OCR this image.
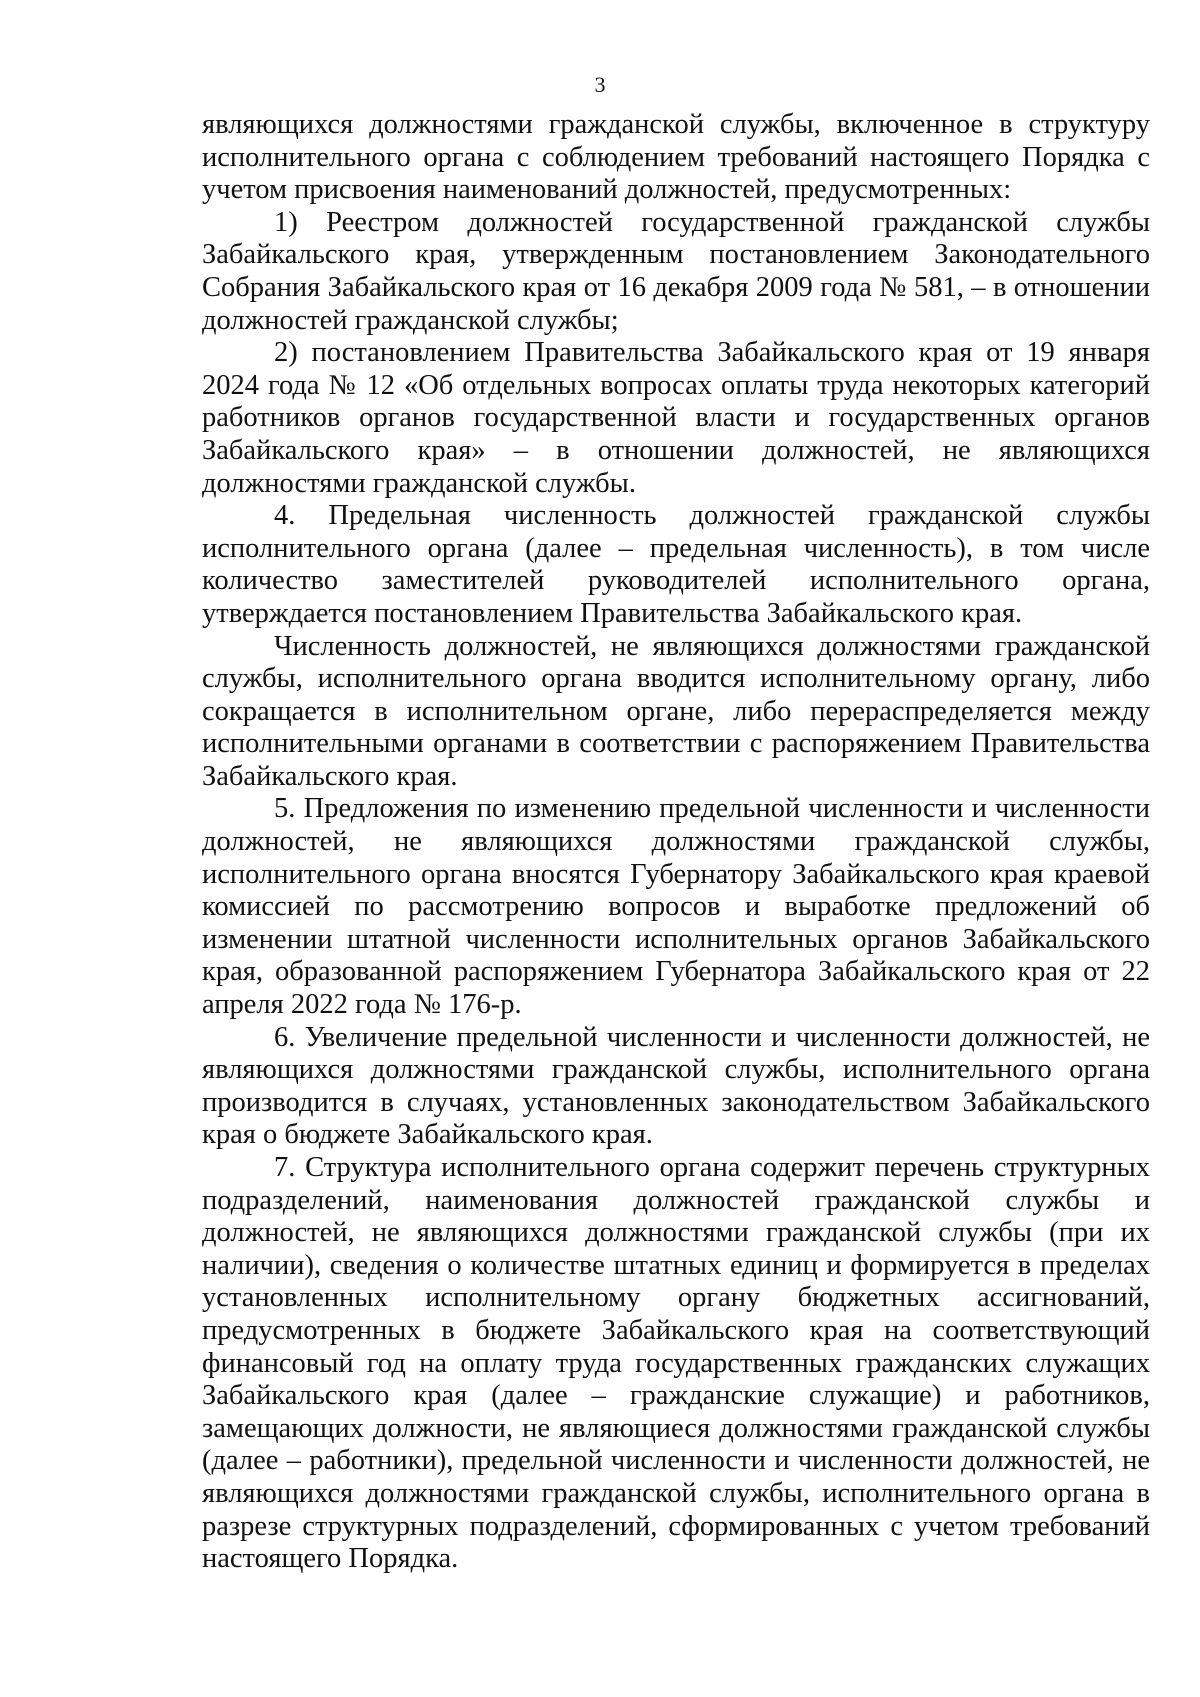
3

являющихся должностями гражданской службы, включенное в структуру исполнительного органа с соблюдением требований настоящего Порядка с учетом присвоения наименований должностей, предусмотренных:

1) Реестром должностей государственной гражданской службы Забайкальского края, утвержденным постановлением Законодательного Собрания Забайкальского края от 16 декабря 2009 года № 581, – в отношении должностей гражданской службы;

2) постановлением Правительства Забайкальского края от 19 января 2024 года № 12 «Об отдельных вопросах оплаты труда некоторых категорий работников органов государственной власти и государственных органов Забайкальского края» – в отношении должностей, не являющихся должностями гражданской службы.

4. Предельная численность должностей гражданской службы исполнительного органа (далее – предельная численность), в том числе количество заместителей руководителей исполнительного органа, утверждается постановлением Правительства Забайкальского края.

Численность должностей, не являющихся должностями гражданской службы, исполнительного органа вводится исполнительному органу, либо сокращается в исполнительном органе, либо перераспределяется между исполнительными органами в соответствии с распоряжением Правительства Забайкальского края.

5. Предложения по изменению предельной численности и численности должностей, не являющихся должностями гражданской службы, исполнительного органа вносятся Губернатору Забайкальского края краевой комиссией по рассмотрению вопросов и выработке предложений об изменении штатной численности исполнительных органов Забайкальского края, образованной распоряжением Губернатора Забайкальского края от 22 апреля 2022 года № 176-р.

6. Увеличение предельной численности и численности должностей, не являющихся должностями гражданской службы, исполнительного органа производится в случаях, установленных законодательством Забайкальского края о бюджете Забайкальского края.

7. Структура исполнительного органа содержит перечень структурных подразделений, наименования должностей гражданской службы и должностей, не являющихся должностями гражданской службы (при их наличии), сведения о количестве штатных единиц и формируется в пределах установленных исполнительному органу бюджетных ассигнований, предусмотренных в бюджете Забайкальского края на соответствующий финансовый год на оплату труда государственных гражданских служащих Забайкальского края (далее – гражданские служащие) и работников, замещающих должности, не являющиеся должностями гражданской службы (далее – работники), предельной численности и численности должностей, не являющихся должностями гражданской службы, исполнительного органа в разрезе структурных подразделений, сформированных с учетом требований настоящего Порядка.
